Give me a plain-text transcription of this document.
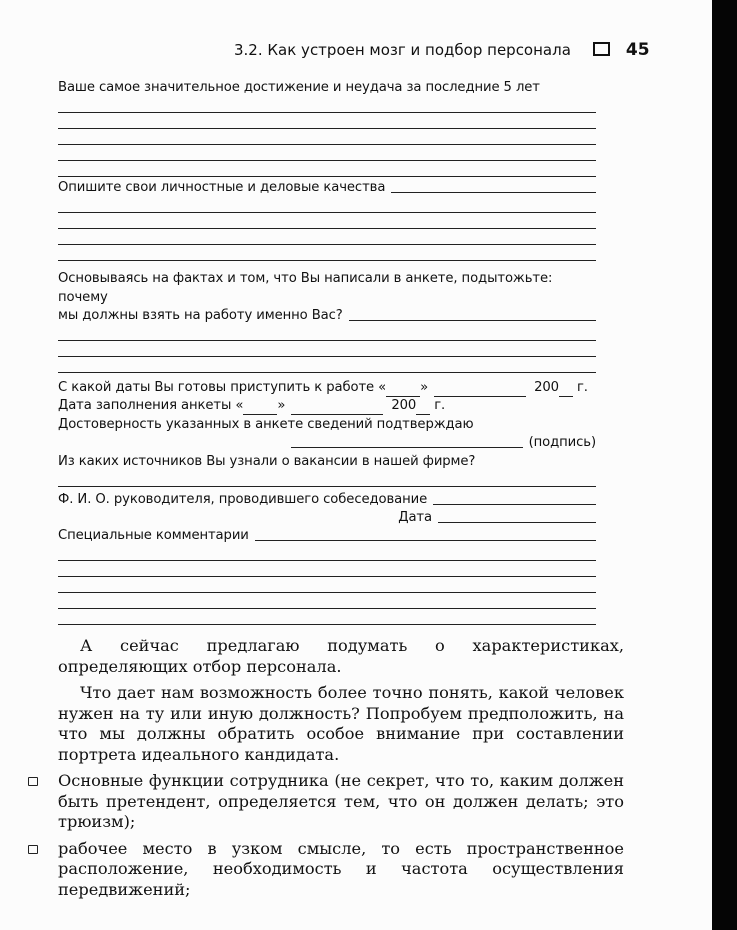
3.2. Как устроен мозг и подбор персонала	45
Ваше самое значительное достижение и неудача за последние 5 лет
Опишите свои личностные и деловые качества
Основываясь на фактах и том, что Вы написали в анкете, подытожьте: почему
мы должны взять на работу именно Вас?
С какой даты Вы готовы приступить к работе «	»	200 г.
Дата заполнения анкеты «	»	200 г.
Достоверность указанных в анкете сведений подтверждаю
(подпись)
Из каких источников Вы узнали о вакансии в нашей фирме?
Ф. И. О. руководителя, проводившего собеседование
Дата
Специальные комментарии

А сейчас предлагаю подумать о характеристиках, определяющих отбор персонала.

Что дает нам возможность более точно понять, какой человек нужен на ту или иную должность? Попробуем предположить, на что мы должны обратить особое внимание при составлении портрета идеального кандидата.

Основные функции сотрудника (не секрет, что то, каким должен быть претендент, определяется тем, что он должен делать; это трюизм);
рабочее место в узком смысле, то есть пространственное расположение, необходимость и частота осуществления передвижений;
